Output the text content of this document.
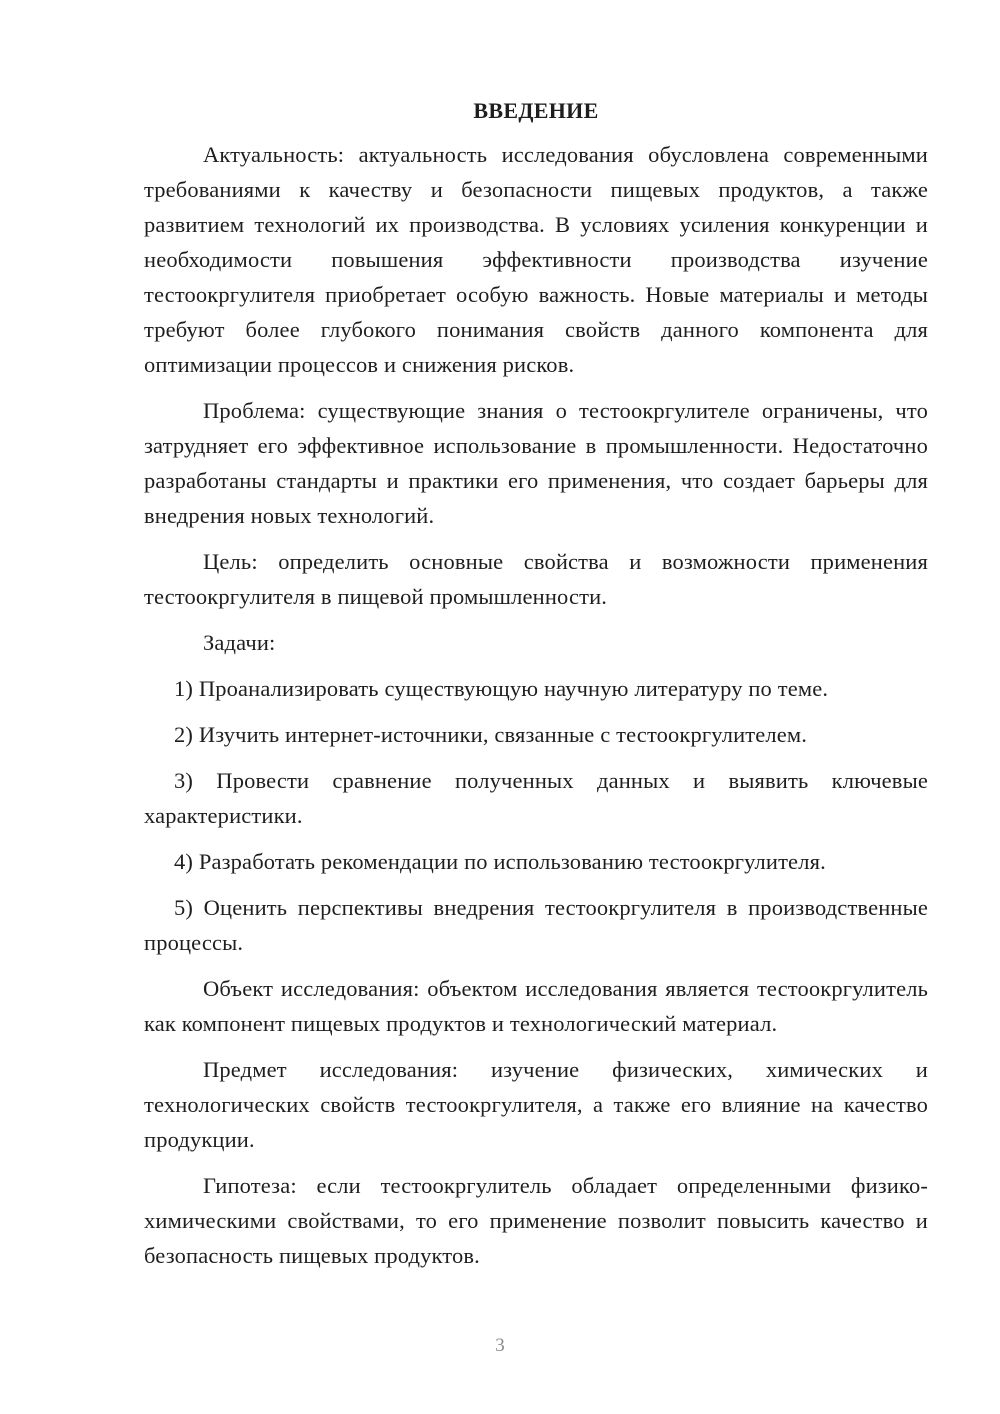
ВВЕДЕНИЕ

Актуальность: актуальность исследования обусловлена современными требованиями к качеству и безопасности пищевых продуктов, а также развитием технологий их производства. В условиях усиления конкуренции и необходимости повышения эффективности производства изучение тестоокргулителя приобретает особую важность. Новые материалы и методы требуют более глубокого понимания свойств данного компонента для оптимизации процессов и снижения рисков.

Проблема: существующие знания о тестоокргулителе ограничены, что затрудняет его эффективное использование в промышленности. Недостаточно разработаны стандарты и практики его применения, что создает барьеры для внедрения новых технологий.

Цель: определить основные свойства и возможности применения тестоокргулителя в пищевой промышленности.

Задачи:

1) Проанализировать существующую научную литературу по теме.

2) Изучить интернет-источники, связанные с тестоокргулителем.

3) Провести сравнение полученных данных и выявить ключевые характеристики.

4) Разработать рекомендации по использованию тестоокргулителя.

5) Оценить перспективы внедрения тестоокргулителя в производственные процессы.

Объект исследования: объектом исследования является тестоокргулитель как компонент пищевых продуктов и технологический материал.

Предмет исследования: изучение физических, химических и технологических свойств тестоокргулителя, а также его влияние на качество продукции.

Гипотеза: если тестоокргулитель обладает определенными физико-химическими свойствами, то его применение позволит повысить качество и безопасность пищевых продуктов.

3
